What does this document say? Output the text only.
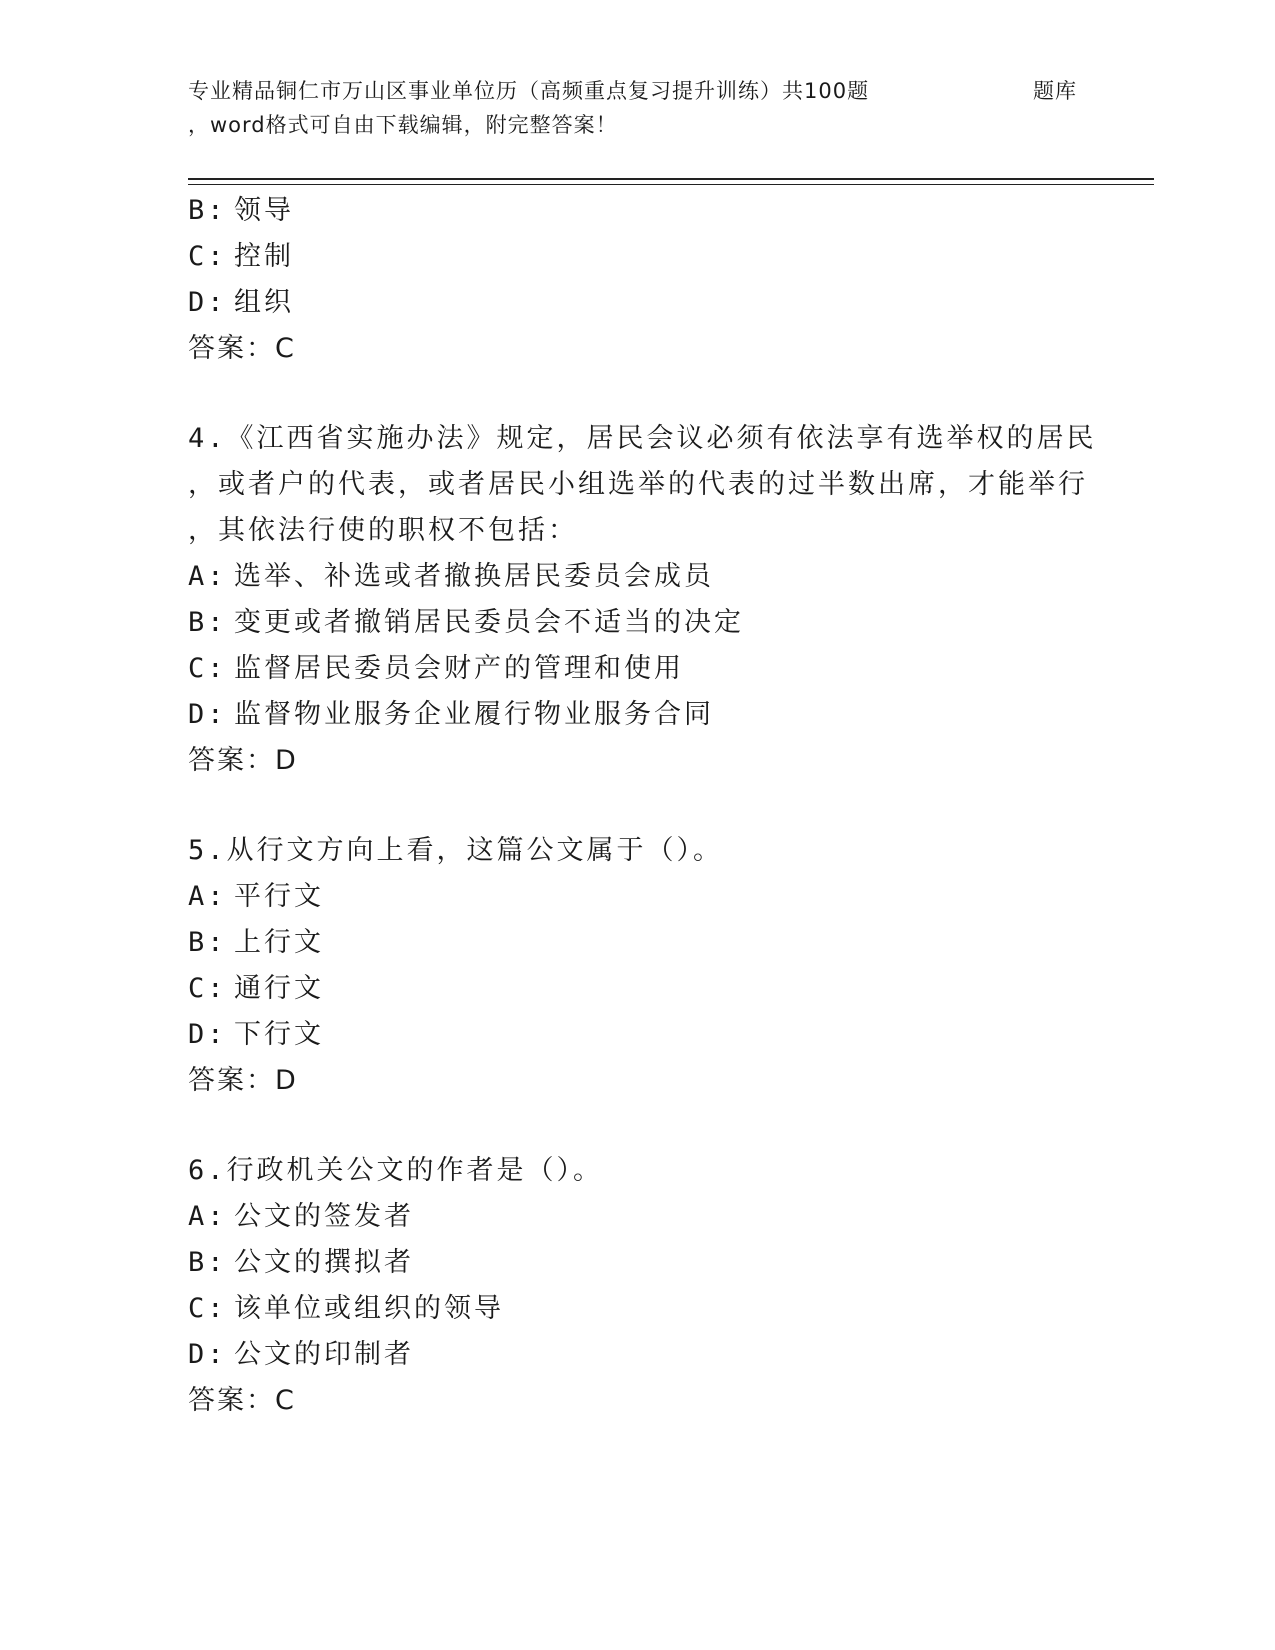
专业精品铜仁市万山区事业单位历（高频重点复习提升训练）共100题	题库
，word格式可自由下载编辑，附完整答案！
B: 领导
C: 控制
D: 组织
答案：C
4.《江西省实施办法》规定，居民会议必须有依法享有选举权的居民
，或者户的代表，或者居民小组选举的代表的过半数出席，才能举行
，其依法行使的职权不包括：
A: 选举、补选或者撤换居民委员会成员
B: 变更或者撤销居民委员会不适当的决定
C: 监督居民委员会财产的管理和使用
D: 监督物业服务企业履行物业服务合同
答案：D
5.从行文方向上看，这篇公文属于（）。
A: 平行文
B: 上行文
C: 通行文
D: 下行文
答案：D
6.行政机关公文的作者是（）。
A: 公文的签发者
B: 公文的撰拟者
C: 该单位或组织的领导
D: 公文的印制者
答案：C
